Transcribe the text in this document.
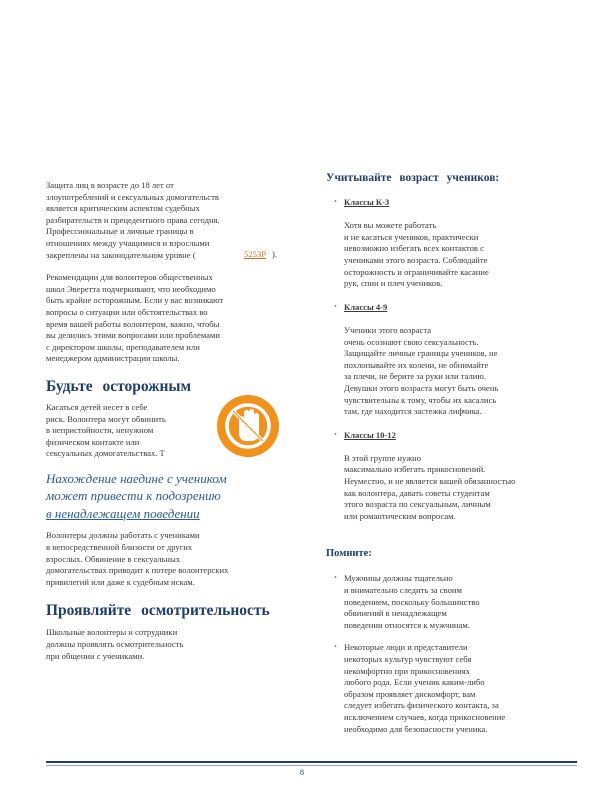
Защита лиц в возрасте до 18 лет от
злоупотреблений и сексуальных домогательств
является критическим аспектом судебных
разбирательств и прецедентного права сегодня.
Профессиональные и личные границы в
отношениях между учащимися и взрослыми
закреплены на законодательном уровне (

Рекомендации для волонтеров общественных
школ Эверетта подчеркивают, что необходимо
быть крайне осторожным. Если у вас возникают
вопросы о ситуации или обстоятельствах во
время вашей работы волонтером, важно, чтобы
вы делились этими вопросами или проблемами
с директором школы, преподавателем или
менеджером администрации школы.

Будьте осторожным

Касаться детей несет в себе
риск. Волонтера могут обвинить
в непристойности, ненужном
физическом контакте или
сексуальных домогательствах. Т

Нахождение наедине с учеником
может привести к подозрению
в ненадлежащем поведении

Волонтеры должны работать с учениками
в непосредственной близости от других
взрослых. Обвинение в сексуальных
домогательствах приводит к потере волонтерских
привилегий или даже к судебным искам.

Проявляйте осмотрительность

Школьные волонтеры и сотрудники
должны проявлять осмотрительность
при общении с учениками.

5253P ).
Учитывайте возраст учеников:

• Классы К-3

Хотя вы можете работать
и не касаться учеников, практически
невозможно избегать всех контактов с
учениками этого возраста. Соблюдайте
осторожность и ограничивайте касание
рук, спин и плеч учеников.

• Классы 4-9

Ученики этого возраста
очень осознают свою сексуальность.
Защищайте личные границы учеников, не
похлопывайте их колени, не обнимайте
за плечи, не берите за руки или талию.
Девушки этого возраста могут быть очень
чувствительны к тому, чтобы их касались
там, где находится застежка лифчика.

• Классы 10-12

В этой группе нужно
максимально избегать прикосновений.
Неуместно, и не является вашей обязанностью
как волонтера, давать советы студентам
этого возраста по сексуальным, личным
или романтическим вопросам.

Помните:

• Мужчины должны тщательно
и внимательно следить за своим
поведением, поскольку большинство
обвинений в ненадлежащем
поведении относятся к мужчинам.

• Некоторые люди и представители
некоторых культур чувствуют себя
некомфортно при прикосновениях
любого рода. Если ученик каким-либо
образом проявляет дискомфорт, вам
следует избегать физического контакта, за
исключением случаев, когда прикосновение
необходимо для безопасности ученика.

8
